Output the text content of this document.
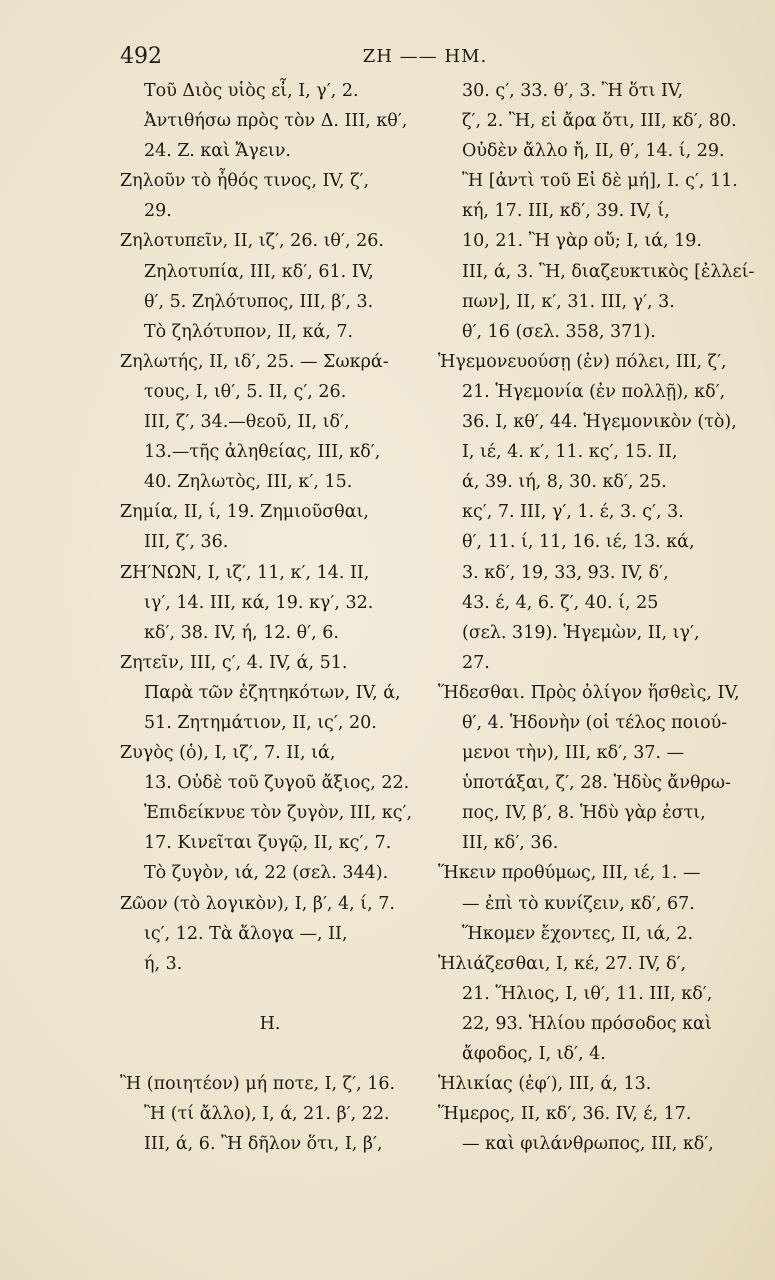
492	ZH —— HM.
Τοῦ Διὸς υἱὸς εἶ, I, γ′, 2.
Ἀντιθήσω πρὸς τὸν Δ. III, κθ′,
24. Z. καὶ Ἄγειν.
Ζηλοῦν τὸ ἦθός τινος, IV, ζ′,
29.
Ζηλοτυπεῖν, II, ιζ′, 26. ιθ′, 26.
Ζηλοτυπία, III, κδ′, 61. IV,
θ′, 5. Ζηλότυπος, III, β′, 3.
Τὸ ζηλότυπον, II, κά, 7.
Ζηλωτής, II, ιδ′, 25. — Σωκρά-
τους, I, ιθ′, 5. II, ς′, 26.
III, ζ′, 34.—θεοῦ, II, ιδ′,
13.—τῆς ἀληθείας, III, κδ′,
40. Ζηλωτὸς, III, κ′, 15.
Ζημία, II, ί, 19. Ζημιοῦσθαι,
III, ζ′, 36.
ΖΗ′ΝΩΝ, I, ιζ′, 11, κ′, 14. II,
ιγ′, 14. III, κά, 19. κγ′, 32.
κδ′, 38. IV, ή, 12. θ′, 6.
Ζητεῖν, III, ς′, 4. IV, ά, 51.
Παρὰ τῶν ἐζητηκότων, IV, ά,
51. Ζητημάτιον, II, ις′, 20.
Ζυγὸς (ὁ), I, ιζ′, 7. II, ιά,
13. Οὐδὲ τοῦ ζυγοῦ ἄξιος, 22.
Ἐπιδείκνυε τὸν ζυγὸν, III, κς′,
17. Κινεῖται ζυγῷ, II, κς′, 7.
Τὸ ζυγὸν, ιά, 22 (σελ. 344).
Ζῶον (τὸ λογικὸν), I, β′, 4, ί, 7.
ις′, 12. Τὰ ἄλογα —, II,
ή, 3.
H.
Ἢ (ποιητέον) μή ποτε, I, ζ′, 16.
Ἢ (τί ἄλλο), I, ά, 21. β′, 22.
III, ά, 6. Ἢ δῆλον ὅτι, I, β′,
30. ς′, 33. θ′, 3. Ἢ ὅτι IV,
ζ′, 2. Ἢ, εἰ ἄρα ὅτι, III, κδ′, 80.
Οὐδὲν ἄλλο ἤ, II, θ′, 14. ί, 29.
Ἢ [ἀντὶ τοῦ Εἰ δὲ μή], I. ς′, 11.
κή, 17. III, κδ′, 39. IV, ί,
10, 21. Ἢ γὰρ οὔ; I, ιά, 19.
III, ά, 3. Ἢ, διαζευκτικὸς [ἐλλεί-
πων], II, κ′, 31. III, γ′, 3.
θ′, 16 (σελ. 358, 371).
Ἡγεμονευούσῃ (ἐν) πόλει, III, ζ′,
21. Ἡγεμονία (ἐν πολλῇ), κδ′,
36. I, κθ′, 44. Ἡγεμονικὸν (τὸ),
I, ιέ, 4. κ′, 11. κς′, 15. II,
ά, 39. ιή, 8, 30. κδ′, 25.
κς′, 7. III, γ′, 1. έ, 3. ς′, 3.
θ′, 11. ί, 11, 16. ιέ, 13. κά,
3. κδ′, 19, 33, 93. IV, δ′,
43. έ, 4, 6. ζ′, 40. ί, 25
(σελ. 319). Ἡγεμὼν, II, ιγ′,
27.
Ἥδεσθαι. Πρὸς ὀλίγον ἥσθεὶς, IV,
θ′, 4. Ἡδονὴν (οἱ τέλος ποιού-
μενοι τὴν), III, κδ′, 37. —
ὑποτάξαι, ζ′, 28. Ἡδὺς ἄνθρω-
πος, IV, β′, 8. Ἡδὺ γὰρ ἐστι,
III, κδ′, 36.
Ἥκειν προθύμως, III, ιέ, 1. —
— ἐπὶ τὸ κυνίζειν, κδ′, 67.
Ἥκομεν ἔχοντες, II, ιά, 2.
Ἡλιάζεσθαι, I, κέ, 27. IV, δ′,
21. Ἥλιος, I, ιθ′, 11. III, κδ′,
22, 93. Ἡλίου πρόσοδος καὶ
ἄφοδος, I, ιδ′, 4.
Ἡλικίας (ἐφ′), III, ά, 13.
Ἥμερος, II, κδ′, 36. IV, έ, 17.
— καὶ φιλάνθρωπος, III, κδ′,
